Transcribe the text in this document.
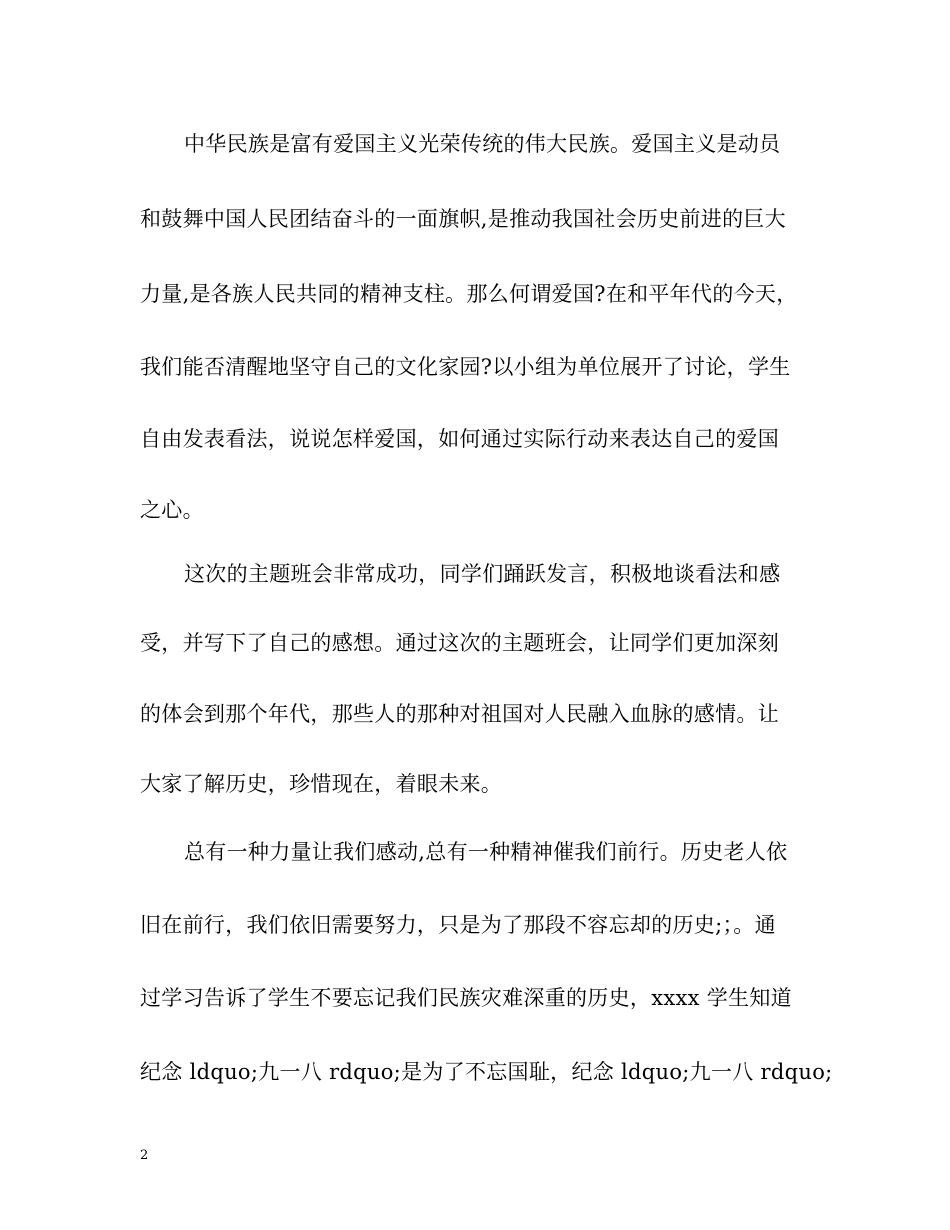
中华民族是富有爱国主义光荣传统的伟大民族。爱国主义是动员
和鼓舞中国人民团结奋斗的一面旗帜,是推动我国社会历史前进的巨大
力量,是各族人民共同的精神支柱。那么何谓爱国?在和平年代的今天，
我们能否清醒地坚守自己的文化家园?以小组为单位展开了讨论，学生
自由发表看法，说说怎样爱国，如何通过实际行动来表达自己的爱国
之心。
这次的主题班会非常成功，同学们踊跃发言，积极地谈看法和感
受，并写下了自己的感想。通过这次的主题班会，让同学们更加深刻
的体会到那个年代，那些人的那种对祖国对人民融入血脉的感情。让
大家了解历史，珍惜现在，着眼未来。
总有一种力量让我们感动,总有一种精神催我们前行。历史老人依
旧在前行，我们依旧需要努力，只是为了那段不容忘却的历史;；。通
过学习告诉了学生不要忘记我们民族灾难深重的历史，xxxx 学生知道
纪念 ldquo;九一八 rdquo;是为了不忘国耻，纪念 ldquo;九一八 rdquo;
2
